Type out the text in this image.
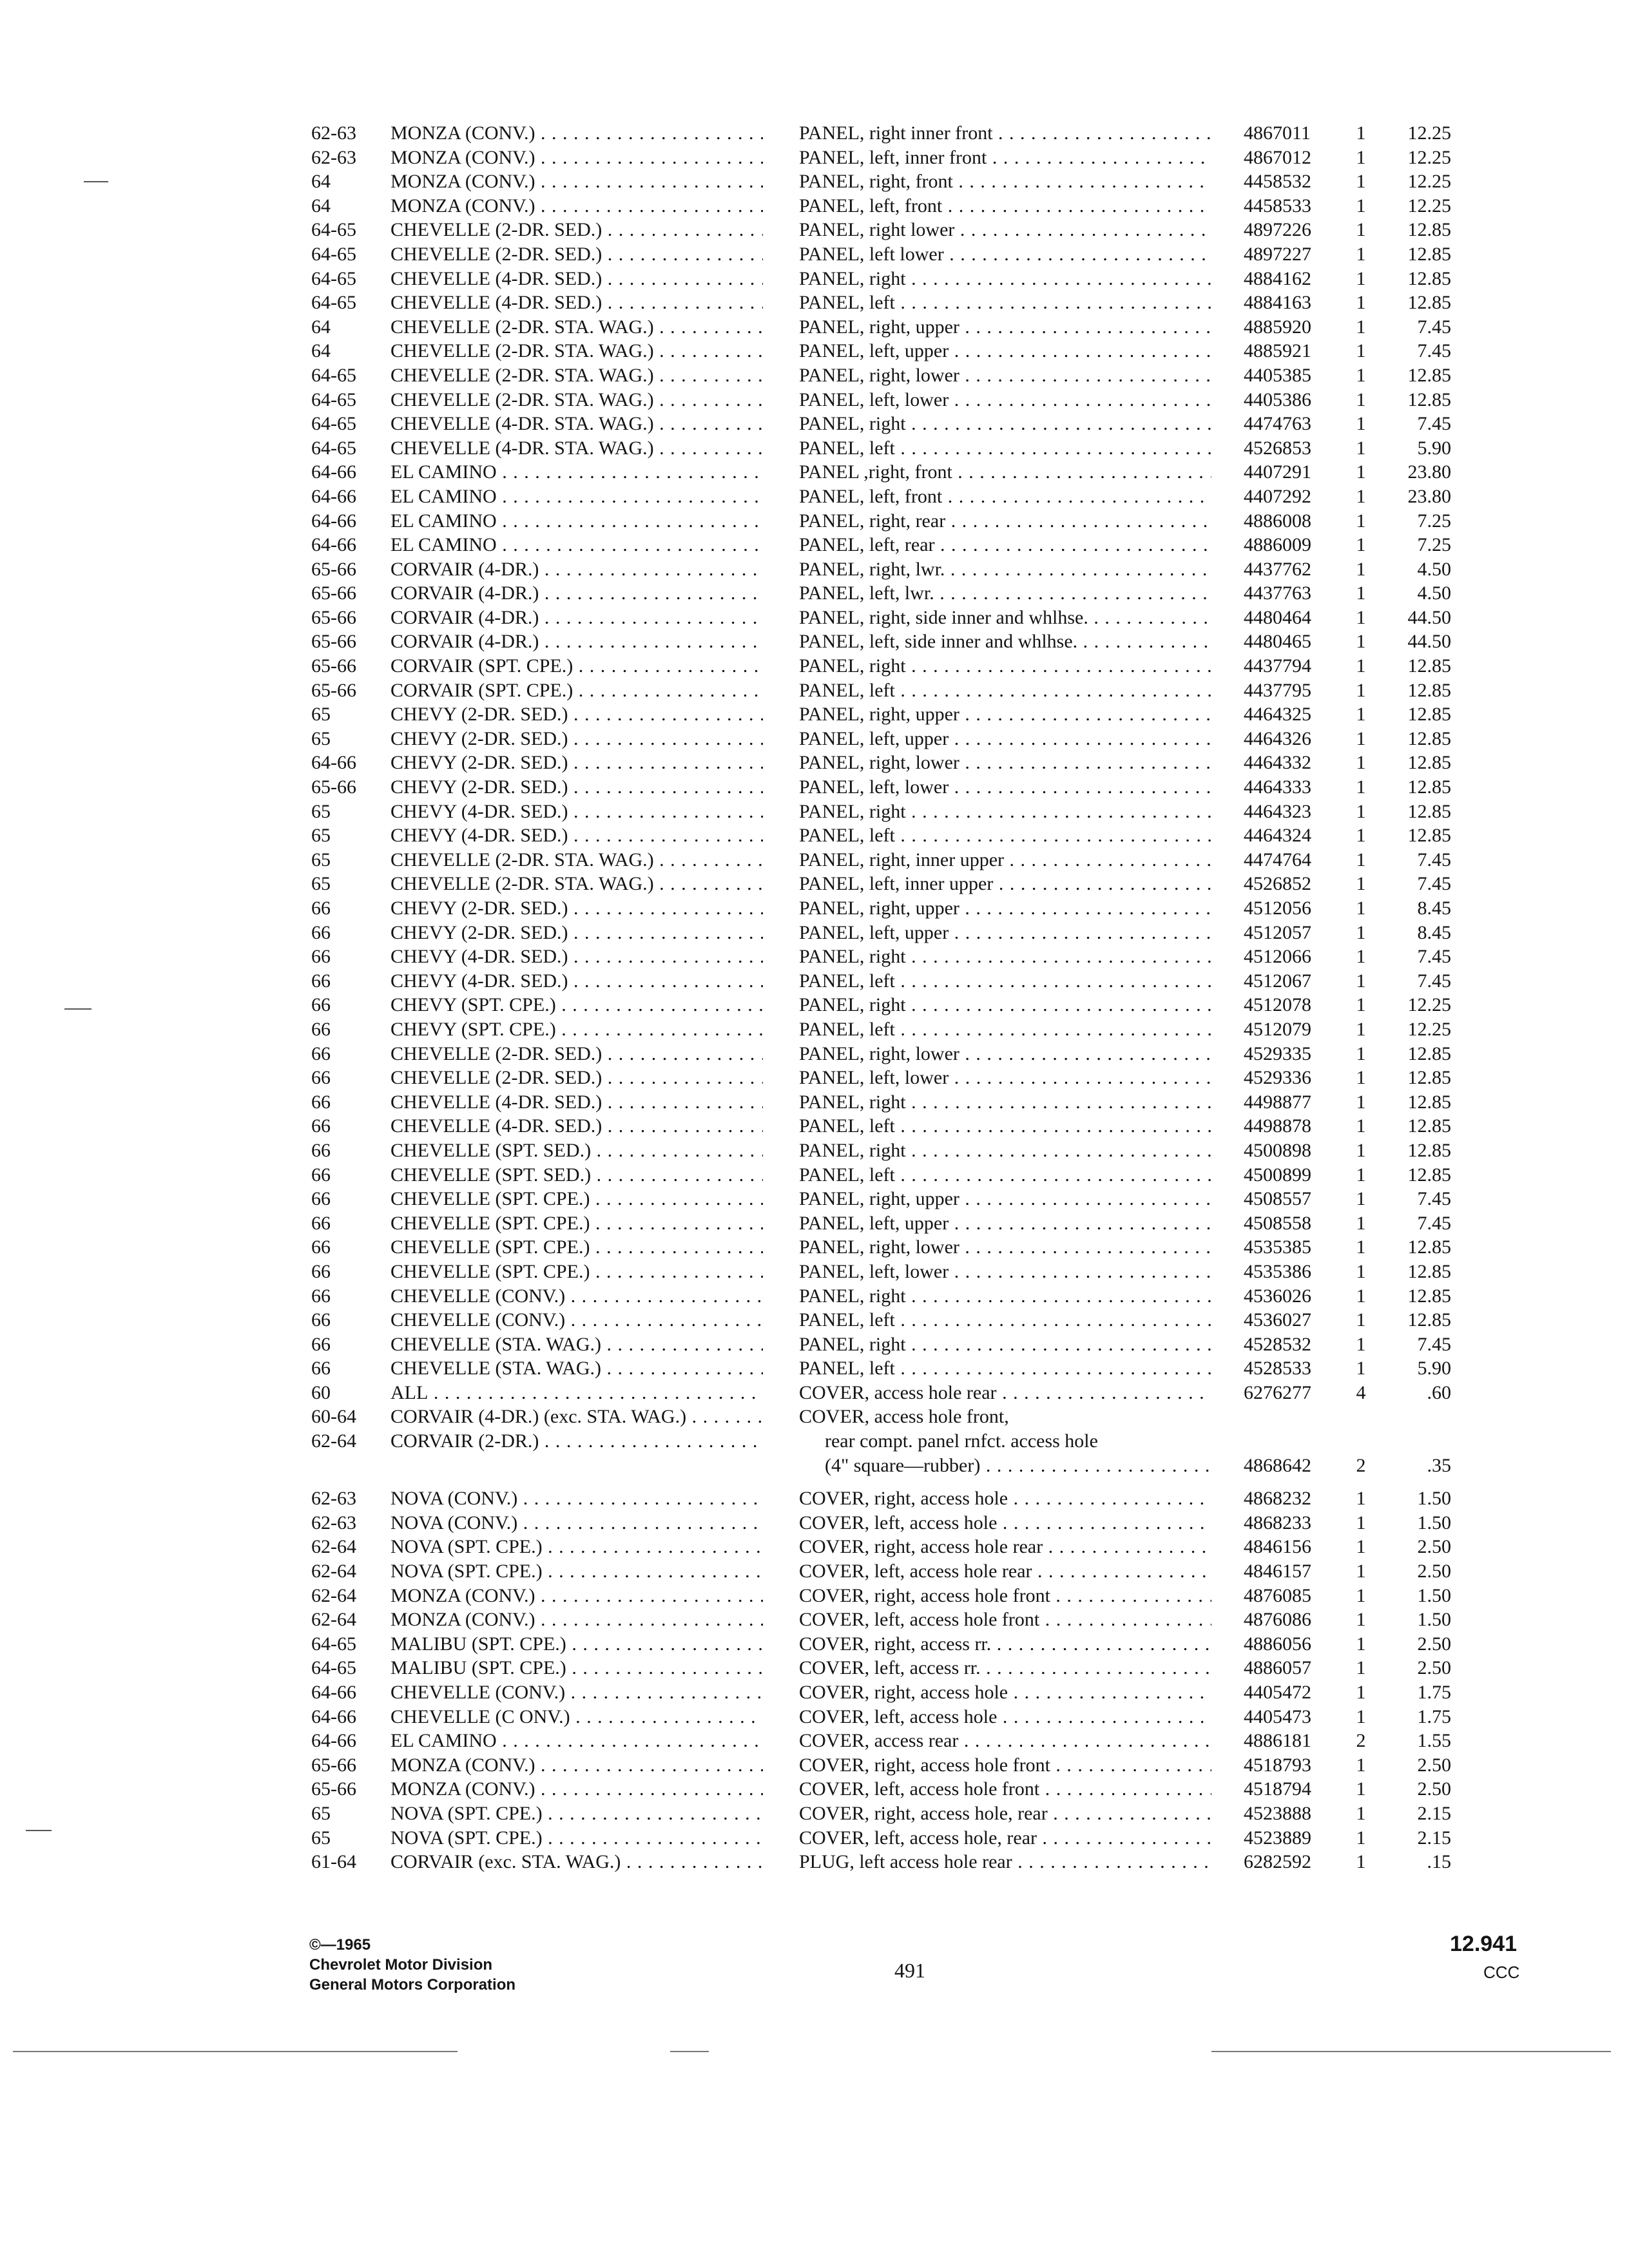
62-63	MONZA (CONV.) . . .	PANEL, right inner front . . .	4867011	1	12.25
62-63	MONZA (CONV.) . . .	PANEL, left, inner front . . .	4867012	1	12.25
64	MONZA (CONV.) . . .	PANEL, right, front . . .	4458532	1	12.25
64	MONZA (CONV.) . . .	PANEL, left, front . . .	4458533	1	12.25
64-65	CHEVELLE (2-DR. SED.) . . .	PANEL, right lower . . .	4897226	1	12.85
64-65	CHEVELLE (2-DR. SED.) . . .	PANEL, left lower . . .	4897227	1	12.85
64-65	CHEVELLE (4-DR. SED.) . . .	PANEL, right . . .	4884162	1	12.85
64-65	CHEVELLE (4-DR. SED.) . . .	PANEL, left . . .	4884163	1	12.85
64	CHEVELLE (2-DR. STA. WAG.) . . .	PANEL, right, upper . . .	4885920	1	7.45
64	CHEVELLE (2-DR. STA. WAG.) . . .	PANEL, left, upper . . .	4885921	1	7.45
64-65	CHEVELLE (2-DR. STA. WAG.) . . .	PANEL, right, lower . . .	4405385	1	12.85
64-65	CHEVELLE (2-DR. STA. WAG.) . . .	PANEL, left, lower . . .	4405386	1	12.85
64-65	CHEVELLE (4-DR. STA. WAG.) . . .	PANEL, right . . .	4474763	1	7.45
64-65	CHEVELLE (4-DR. STA. WAG.) . . .	PANEL, left . . .	4526853	1	5.90
64-66	EL CAMINO . . .	PANEL ,right, front . . .	4407291	1	23.80
64-66	EL CAMINO . . .	PANEL, left, front . . .	4407292	1	23.80
64-66	EL CAMINO . . .	PANEL, right, rear . . .	4886008	1	7.25
64-66	EL CAMINO . . .	PANEL, left, rear . . .	4886009	1	7.25
65-66	CORVAIR (4-DR.) . . .	PANEL, right, lwr. . . .	4437762	1	4.50
65-66	CORVAIR (4-DR.) . . .	PANEL, left, lwr. . . .	4437763	1	4.50
65-66	CORVAIR (4-DR.) . . .	PANEL, right, side inner and whlhse. . . .	4480464	1	44.50
65-66	CORVAIR (4-DR.) . . .	PANEL, left, side inner and whlhse. . . .	4480465	1	44.50
65-66	CORVAIR (SPT. CPE.) . . .	PANEL, right . . .	4437794	1	12.85
65-66	CORVAIR (SPT. CPE.) . . .	PANEL, left . . .	4437795	1	12.85
65	CHEVY (2-DR. SED.) . . .	PANEL, right, upper . . .	4464325	1	12.85
65	CHEVY (2-DR. SED.) . . .	PANEL, left, upper . . .	4464326	1	12.85
64-66	CHEVY (2-DR. SED.) . . .	PANEL, right, lower . . .	4464332	1	12.85
65-66	CHEVY (2-DR. SED.) . . .	PANEL, left, lower . . .	4464333	1	12.85
65	CHEVY (4-DR. SED.) . . .	PANEL, right . . .	4464323	1	12.85
65	CHEVY (4-DR. SED.) . . .	PANEL, left . . .	4464324	1	12.85
65	CHEVELLE (2-DR. STA. WAG.) . . .	PANEL, right, inner upper . . .	4474764	1	7.45
65	CHEVELLE (2-DR. STA. WAG.) . . .	PANEL, left, inner upper . . .	4526852	1	7.45
66	CHEVY (2-DR. SED.) . . .	PANEL, right, upper . . .	4512056	1	8.45
66	CHEVY (2-DR. SED.) . . .	PANEL, left, upper . . .	4512057	1	8.45
66	CHEVY (4-DR. SED.) . . .	PANEL, right . . .	4512066	1	7.45
66	CHEVY (4-DR. SED.) . . .	PANEL, left . . .	4512067	1	7.45
66	CHEVY (SPT. CPE.) . . .	PANEL, right . . .	4512078	1	12.25
66	CHEVY (SPT. CPE.) . . .	PANEL, left . . .	4512079	1	12.25
66	CHEVELLE (2-DR. SED.) . . .	PANEL, right, lower . . .	4529335	1	12.85
66	CHEVELLE (2-DR. SED.) . . .	PANEL, left, lower . . .	4529336	1	12.85
66	CHEVELLE (4-DR. SED.) . . .	PANEL, right . . .	4498877	1	12.85
66	CHEVELLE (4-DR. SED.) . . .	PANEL, left . . .	4498878	1	12.85
66	CHEVELLE (SPT. SED.) . . .	PANEL, right . . .	4500898	1	12.85
66	CHEVELLE (SPT. SED.) . . .	PANEL, left . . .	4500899	1	12.85
66	CHEVELLE (SPT. CPE.) . . .	PANEL, right, upper . . .	4508557	1	7.45
66	CHEVELLE (SPT. CPE.) . . .	PANEL, left, upper . . .	4508558	1	7.45
66	CHEVELLE (SPT. CPE.) . . .	PANEL, right, lower . . .	4535385	1	12.85
66	CHEVELLE (SPT. CPE.) . . .	PANEL, left, lower . . .	4535386	1	12.85
66	CHEVELLE (CONV.) . . .	PANEL, right . . .	4536026	1	12.85
66	CHEVELLE (CONV.) . . .	PANEL, left . . .	4536027	1	12.85
66	CHEVELLE (STA. WAG.) . . .	PANEL, right . . .	4528532	1	7.45
66	CHEVELLE (STA. WAG.) . . .	PANEL, left . . .	4528533	1	5.90
60	ALL . . .	COVER, access hole rear . . .	6276277	4	.60
60-64	CORVAIR (4-DR.) (exc. STA. WAG.) . . .	COVER, access hole front,
62-64	CORVAIR (2-DR.) . . .	rear compt. panel rnfct. access hole
(4" square—rubber) . . .	4868642	2	.35
62-63	NOVA (CONV.) . . .	COVER, right, access hole . . .	4868232	1	1.50
62-63	NOVA (CONV.) . . .	COVER, left, access hole . . .	4868233	1	1.50
62-64	NOVA (SPT. CPE.) . . .	COVER, right, access hole rear . . .	4846156	1	2.50
62-64	NOVA (SPT. CPE.) . . .	COVER, left, access hole rear . . .	4846157	1	2.50
62-64	MONZA (CONV.) . . .	COVER, right, access hole front . . .	4876085	1	1.50
62-64	MONZA (CONV.) . . .	COVER, left, access hole front . . .	4876086	1	1.50
64-65	MALIBU (SPT. CPE.) . . .	COVER, right, access rr. . . .	4886056	1	2.50
64-65	MALIBU (SPT. CPE.) . . .	COVER, left, access rr. . . .	4886057	1	2.50
64-66	CHEVELLE (CONV.) . . .	COVER, right, access hole . . .	4405472	1	1.75
64-66	CHEVELLE (C ONV.) . . .	COVER, left, access hole . . .	4405473	1	1.75
64-66	EL CAMINO . . .	COVER, access rear . . .	4886181	2	1.55
65-66	MONZA (CONV.) . . .	COVER, right, access hole front . . .	4518793	1	2.50
65-66	MONZA (CONV.) . . .	COVER, left, access hole front . . .	4518794	1	2.50
65	NOVA (SPT. CPE.) . . .	COVER, right, access hole, rear . . .	4523888	1	2.15
65	NOVA (SPT. CPE.) . . .	COVER, left, access hole, rear . . .	4523889	1	2.15
61-64	CORVAIR (exc. STA. WAG.) . . .	PLUG, left access hole rear . . .	6282592	1	.15
©—1965
Chevrolet Motor Division
General Motors Corporation
491
12.941
CCC
